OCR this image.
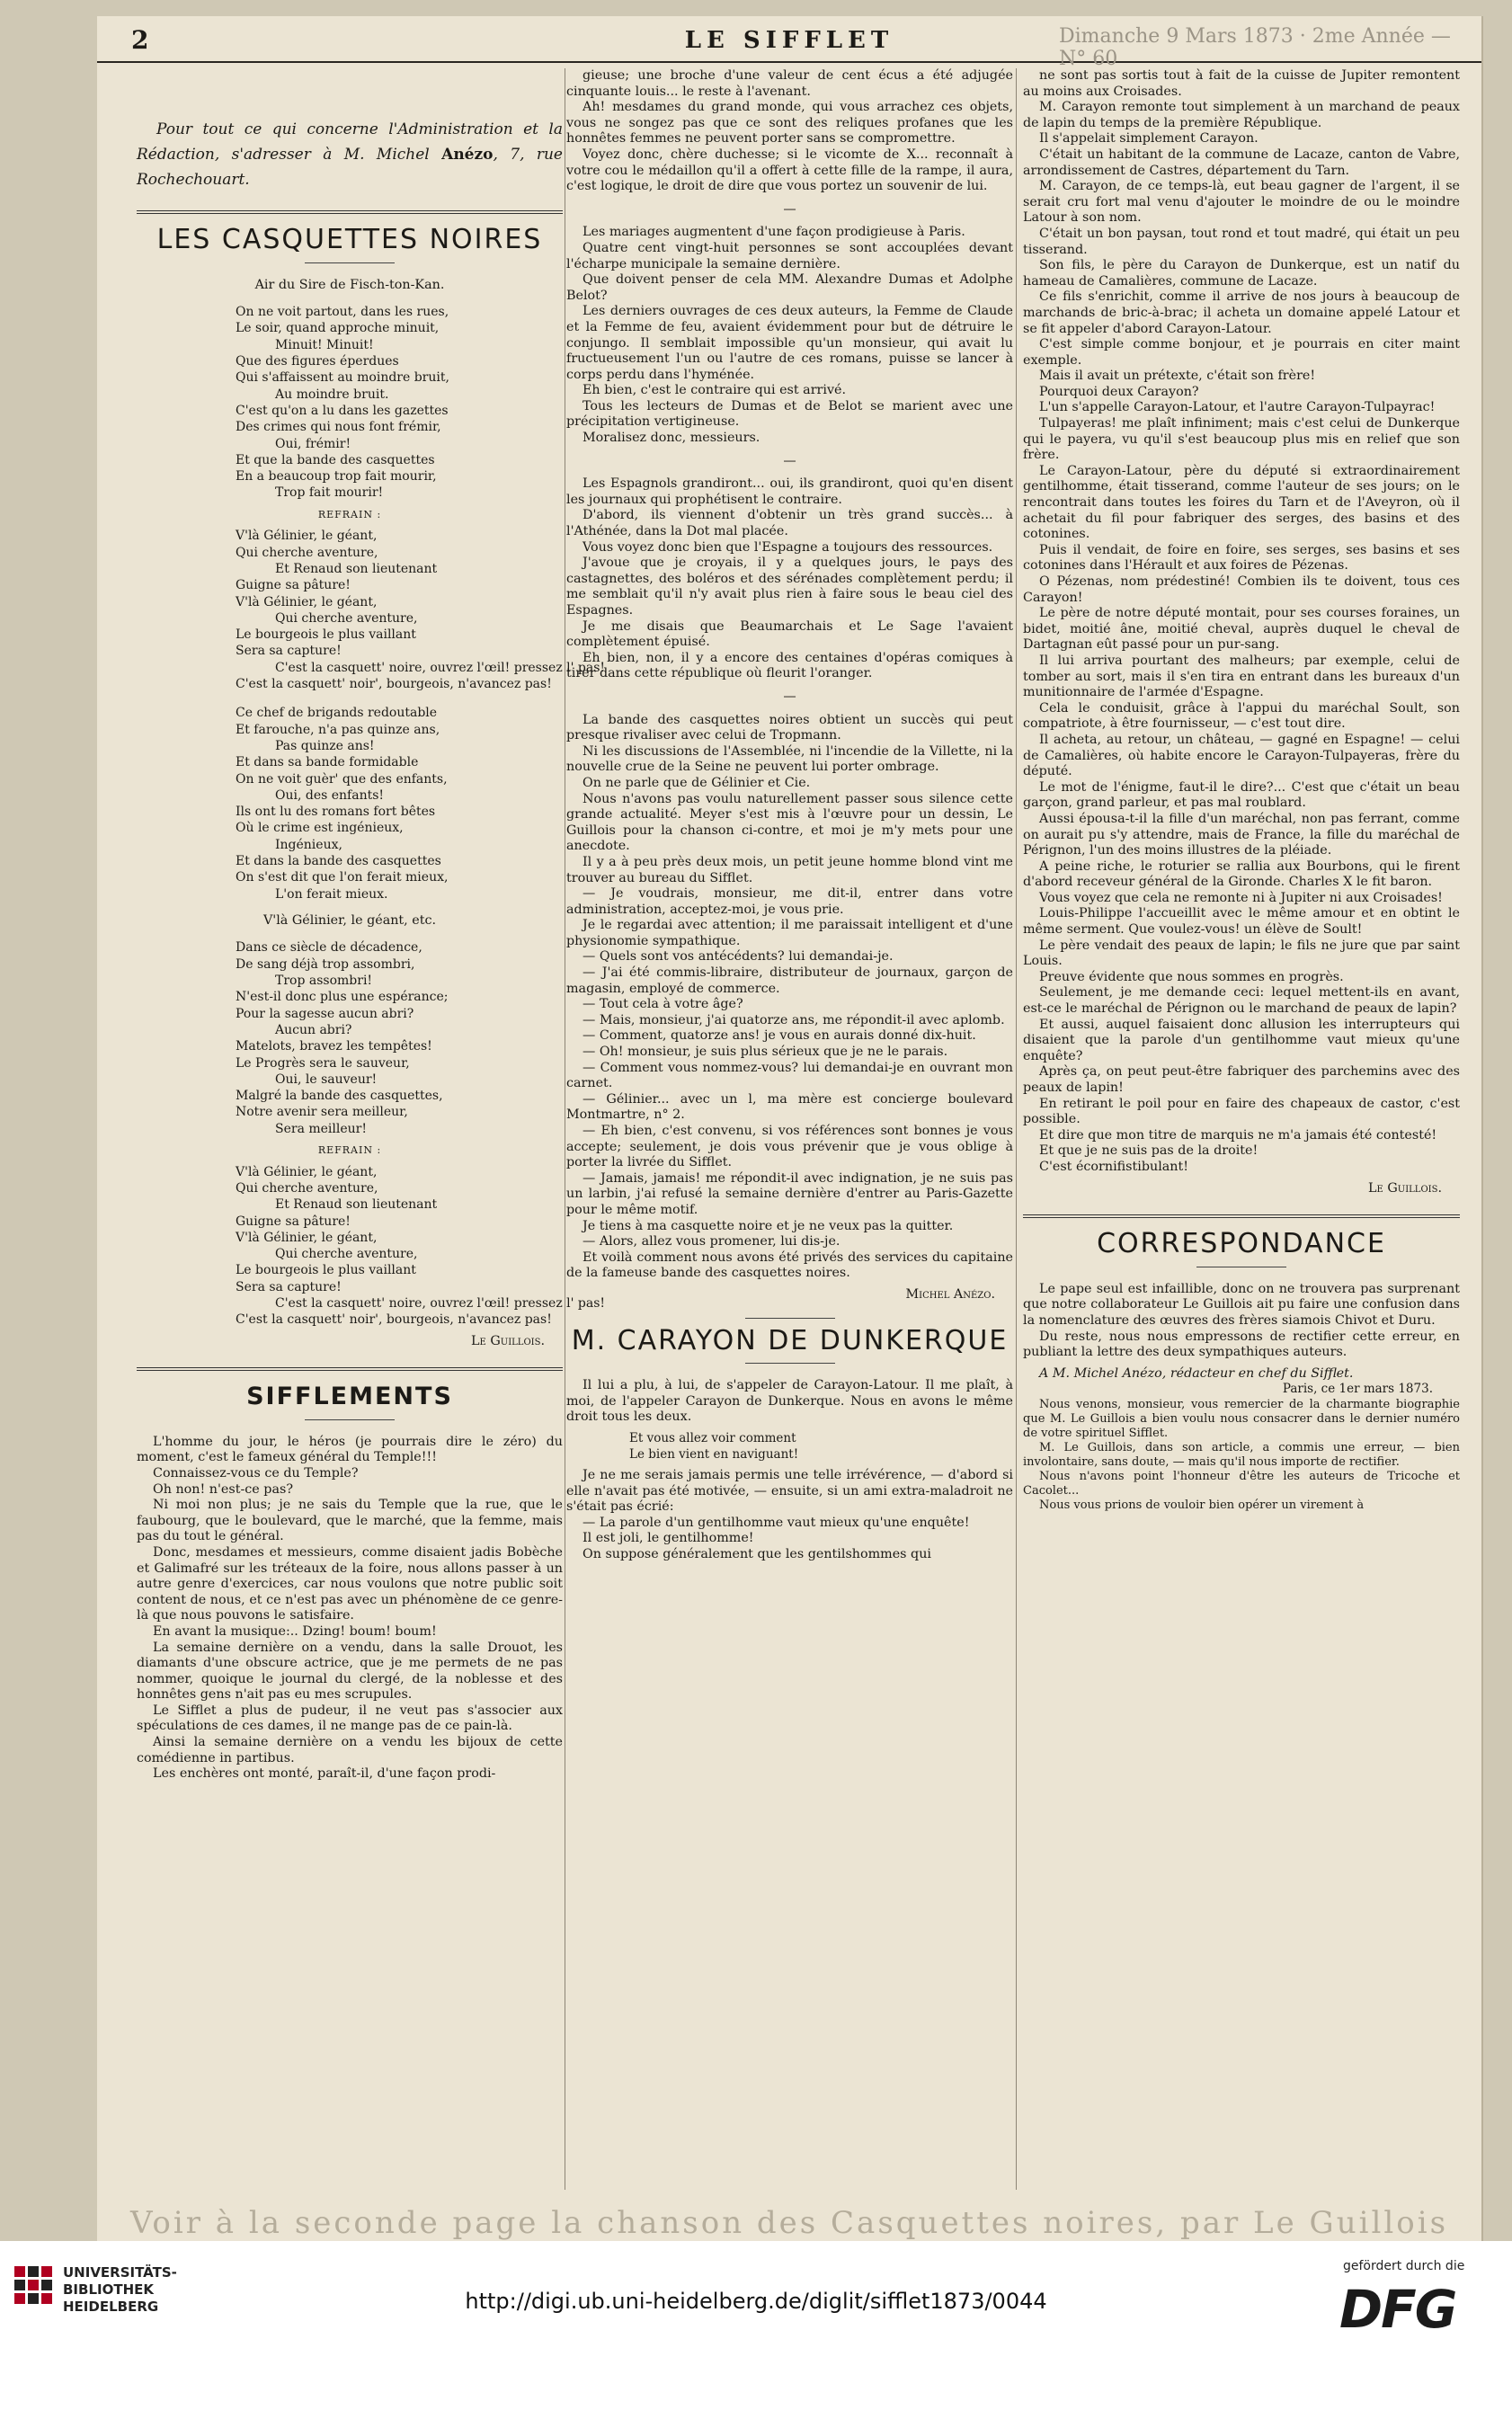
2	LE SIFFLET	Dimanche 9 Mars 1873 · 2me Année — N° 60

Pour tout ce qui concerne l'Administration et la Rédaction, s'adresser à M. Michel Anézo, 7, rue Rochechouart.

LES CASQUETTES NOIRES
Air du Sire de Fisch-ton-Kan.
On ne voit partout, dans les rues,
Le soir, quand approche minuit,
Minuit! Minuit!
Que des figures éperdues
Qui s'affaissent au moindre bruit,
Au moindre bruit.
C'est qu'on a lu dans les gazettes
Des crimes qui nous font frémir,
Oui, frémir!
Et que la bande des casquettes
En a beaucoup trop fait mourir,
Trop fait mourir!
REFRAIN :
V'là Gélinier, le géant,
Qui cherche aventure,
Et Renaud son lieutenant
Guigne sa pâture!
V'là Gélinier, le géant,
Qui cherche aventure,
Le bourgeois le plus vaillant
Sera sa capture!
C'est la casquett' noire, ouvrez l'œil! pressez l' pas!
C'est la casquett' noir', bourgeois, n'avancez pas!
Ce chef de brigands redoutable
Et farouche, n'a pas quinze ans,
Pas quinze ans!
Et dans sa bande formidable
On ne voit guèr' que des enfants,
Oui, des enfants!
Ils ont lu des romans fort bêtes
Où le crime est ingénieux,
Ingénieux,
Et dans la bande des casquettes
On s'est dit que l'on ferait mieux,
L'on ferait mieux.
V'là Gélinier, le géant, etc.
Dans ce siècle de décadence,
De sang déjà trop assombri,
Trop assombri!
N'est-il donc plus une espérance;
Pour la sagesse aucun abri?
Aucun abri?
Matelots, bravez les tempêtes!
Le Progrès sera le sauveur,
Oui, le sauveur!
Malgré la bande des casquettes,
Notre avenir sera meilleur,
Sera meilleur!
REFRAIN :
V'là Gélinier, le géant,
Qui cherche aventure,
Et Renaud son lieutenant
Guigne sa pâture!
V'là Gélinier, le géant,
Qui cherche aventure,
Le bourgeois le plus vaillant
Sera sa capture!
C'est la casquett' noire, ouvrez l'œil! pressez l' pas!
C'est la casquett' noir', bourgeois, n'avancez pas!
Le Guillois.
SIFFLEMENTS

L'homme du jour, le héros (je pourrais dire le zéro) du moment, c'est le fameux général du Temple!!!

Connaissez-vous ce du Temple?

Oh non! n'est-ce pas?

Ni moi non plus; je ne sais du Temple que la rue, que le faubourg, que le boulevard, que le marché, que la femme, mais pas du tout le général.

Donc, mesdames et messieurs, comme disaient jadis Bobèche et Galimafré sur les tréteaux de la foire, nous allons passer à un autre genre d'exercices, car nous voulons que notre public soit content de nous, et ce n'est pas avec un phénomène de ce genre-là que nous pouvons le satisfaire.

En avant la musique:.. Dzing! boum! boum!

La semaine dernière on a vendu, dans la salle Drouot, les diamants d'une obscure actrice, que je me permets de ne pas nommer, quoique le journal du clergé, de la noblesse et des honnêtes gens n'ait pas eu mes scrupules.

Le Sifflet a plus de pudeur, il ne veut pas s'associer aux spéculations de ces dames, il ne mange pas de ce pain-là.

Ainsi la semaine dernière on a vendu les bijoux de cette comédienne in partibus.

Les enchères ont monté, paraît-il, d'une façon prodi-

gieuse; une broche d'une valeur de cent écus a été adjugée cinquante louis... le reste à l'avenant.

Ah! mesdames du grand monde, qui vous arrachez ces objets, vous ne songez pas que ce sont des reliques profanes que les honnêtes femmes ne peuvent porter sans se compromettre.

Voyez donc, chère duchesse; si le vicomte de X... reconnaît à votre cou le médaillon qu'il a offert à cette fille de la rampe, il aura, c'est logique, le droit de dire que vous portez un souvenir de lui.

—

Les mariages augmentent d'une façon prodigieuse à Paris.

Quatre cent vingt-huit personnes se sont accouplées devant l'écharpe municipale la semaine dernière.

Que doivent penser de cela MM. Alexandre Dumas et Adolphe Belot?

Les derniers ouvrages de ces deux auteurs, la Femme de Claude et la Femme de feu, avaient évidemment pour but de détruire le conjungo. Il semblait impossible qu'un monsieur, qui avait lu fructueusement l'un ou l'autre de ces romans, puisse se lancer à corps perdu dans l'hyménée.

Eh bien, c'est le contraire qui est arrivé.

Tous les lecteurs de Dumas et de Belot se marient avec une précipitation vertigineuse.

Moralisez donc, messieurs.

—

Les Espagnols grandiront... oui, ils grandiront, quoi qu'en disent les journaux qui prophétisent le contraire.

D'abord, ils viennent d'obtenir un très grand succès... à l'Athénée, dans la Dot mal placée.

Vous voyez donc bien que l'Espagne a toujours des ressources.

J'avoue que je croyais, il y a quelques jours, le pays des castagnettes, des boléros et des sérénades complètement perdu; il me semblait qu'il n'y avait plus rien à faire sous le beau ciel des Espagnes.

Je me disais que Beaumarchais et Le Sage l'avaient complètement épuisé.

Eh bien, non, il y a encore des centaines d'opéras comiques à tirer dans cette république où fleurit l'oranger.

—

La bande des casquettes noires obtient un succès qui peut presque rivaliser avec celui de Tropmann.

Ni les discussions de l'Assemblée, ni l'incendie de la Villette, ni la nouvelle crue de la Seine ne peuvent lui porter ombrage.

On ne parle que de Gélinier et Cie.

Nous n'avons pas voulu naturellement passer sous silence cette grande actualité. Meyer s'est mis à l'œuvre pour un dessin, Le Guillois pour la chanson ci-contre, et moi je m'y mets pour une anecdote.

Il y a à peu près deux mois, un petit jeune homme blond vint me trouver au bureau du Sifflet.

— Je voudrais, monsieur, me dit-il, entrer dans votre administration, acceptez-moi, je vous prie.

Je le regardai avec attention; il me paraissait intelligent et d'une physionomie sympathique.

— Quels sont vos antécédents? lui demandai-je.

— J'ai été commis-libraire, distributeur de journaux, garçon de magasin, employé de commerce.

— Tout cela à votre âge?

— Mais, monsieur, j'ai quatorze ans, me répondit-il avec aplomb.

— Comment, quatorze ans! je vous en aurais donné dix-huit.

— Oh! monsieur, je suis plus sérieux que je ne le parais.

— Comment vous nommez-vous? lui demandai-je en ouvrant mon carnet.

— Gélinier... avec un l, ma mère est concierge boulevard Montmartre, n° 2.

— Eh bien, c'est convenu, si vos références sont bonnes je vous accepte; seulement, je dois vous prévenir que je vous oblige à porter la livrée du Sifflet.

— Jamais, jamais! me répondit-il avec indignation, je ne suis pas un larbin, j'ai refusé la semaine dernière d'entrer au Paris-Gazette pour le même motif.

Je tiens à ma casquette noire et je ne veux pas la quitter.

— Alors, allez vous promener, lui dis-je.

Et voilà comment nous avons été privés des services du capitaine de la fameuse bande des casquettes noires.

Michel Anézo.
M. CARAYON DE DUNKERQUE

Il lui a plu, à lui, de s'appeler de Carayon-Latour. Il me plaît, à moi, de l'appeler Carayon de Dunkerque. Nous en avons le même droit tous les deux.

Et vous allez voir comment

Le bien vient en naviguant!

Je ne me serais jamais permis une telle irrévérence, — d'abord si elle n'avait pas été motivée, — ensuite, si un ami extra-maladroit ne s'était pas écrié:

— La parole d'un gentilhomme vaut mieux qu'une enquête!

Il est joli, le gentilhomme!

On suppose généralement que les gentilshommes qui

ne sont pas sortis tout à fait de la cuisse de Jupiter remontent au moins aux Croisades.

M. Carayon remonte tout simplement à un marchand de peaux de lapin du temps de la première République.

Il s'appelait simplement Carayon.

C'était un habitant de la commune de Lacaze, canton de Vabre, arrondissement de Castres, département du Tarn.

M. Carayon, de ce temps-là, eut beau gagner de l'argent, il se serait cru fort mal venu d'ajouter le moindre de ou le moindre Latour à son nom.

C'était un bon paysan, tout rond et tout madré, qui était un peu tisserand.

Son fils, le père du Carayon de Dunkerque, est un natif du hameau de Camalières, commune de Lacaze.

Ce fils s'enrichit, comme il arrive de nos jours à beaucoup de marchands de bric-à-brac; il acheta un domaine appelé Latour et se fit appeler d'abord Carayon-Latour.

C'est simple comme bonjour, et je pourrais en citer maint exemple.

Mais il avait un prétexte, c'était son frère!

Pourquoi deux Carayon?

L'un s'appelle Carayon-Latour, et l'autre Carayon-Tulpayrac!

Tulpayeras! me plaît infiniment; mais c'est celui de Dunkerque qui le payera, vu qu'il s'est beaucoup plus mis en relief que son frère.

Le Carayon-Latour, père du député si extraordinairement gentilhomme, était tisserand, comme l'auteur de ses jours; on le rencontrait dans toutes les foires du Tarn et de l'Aveyron, où il achetait du fil pour fabriquer des serges, des basins et des cotonines.

Puis il vendait, de foire en foire, ses serges, ses basins et ses cotonines dans l'Hérault et aux foires de Pézenas.

O Pézenas, nom prédestiné! Combien ils te doivent, tous ces Carayon!

Le père de notre député montait, pour ses courses foraines, un bidet, moitié âne, moitié cheval, auprès duquel le cheval de Dartagnan eût passé pour un pur-sang.

Il lui arriva pourtant des malheurs; par exemple, celui de tomber au sort, mais il s'en tira en entrant dans les bureaux d'un munitionnaire de l'armée d'Espagne.

Cela le conduisit, grâce à l'appui du maréchal Soult, son compatriote, à être fournisseur, — c'est tout dire.

Il acheta, au retour, un château, — gagné en Espagne! — celui de Camalières, où habite encore le Carayon-Tulpayeras, frère du député.

Le mot de l'énigme, faut-il le dire?... C'est que c'était un beau garçon, grand parleur, et pas mal roublard.

Aussi épousa-t-il la fille d'un maréchal, non pas ferrant, comme on aurait pu s'y attendre, mais de France, la fille du maréchal de Pérignon, l'un des moins illustres de la pléiade.

A peine riche, le roturier se rallia aux Bourbons, qui le firent d'abord receveur général de la Gironde. Charles X le fit baron.

Vous voyez que cela ne remonte ni à Jupiter ni aux Croisades!

Louis-Philippe l'accueillit avec le même amour et en obtint le même serment. Que voulez-vous! un élève de Soult!

Le père vendait des peaux de lapin; le fils ne jure que par saint Louis.

Preuve évidente que nous sommes en progrès.

Seulement, je me demande ceci: lequel mettent-ils en avant, est-ce le maréchal de Pérignon ou le marchand de peaux de lapin?

Et aussi, auquel faisaient donc allusion les interrupteurs qui disaient que la parole d'un gentilhomme vaut mieux qu'une enquête?

Après ça, on peut peut-être fabriquer des parchemins avec des peaux de lapin!

En retirant le poil pour en faire des chapeaux de castor, c'est possible.

Et dire que mon titre de marquis ne m'a jamais été contesté!

Et que je ne suis pas de la droite!

C'est écornifistibulant!

Le Guillois.
CORRESPONDANCE

Le pape seul est infaillible, donc on ne trouvera pas surprenant que notre collaborateur Le Guillois ait pu faire une confusion dans la nomenclature des œuvres des frères siamois Chivot et Duru.

Du reste, nous nous empressons de rectifier cette erreur, en publiant la lettre des deux sympathiques auteurs.

A M. Michel Anézo, rédacteur en chef du Sifflet.

Paris, ce 1er mars 1873.

Nous venons, monsieur, vous remercier de la charmante biographie que M. Le Guillois a bien voulu nous consacrer dans le dernier numéro de votre spirituel Sifflet.

M. Le Guillois, dans son article, a commis une erreur, — bien involontaire, sans doute, — mais qu'il nous importe de rectifier.

Nous n'avons point l'honneur d'être les auteurs de Tricoche et Cacolet...

Nous vous prions de vouloir bien opérer un virement à

Voir à la seconde page la chanson des Casquettes noires, par Le Guillois
UNIVERSITÄTS-
BIBLIOTHEK
HEIDELBERG	http://digi.ub.uni-heidelberg.de/diglit/sifflet1873/0044
gefördert durch die
DFG
